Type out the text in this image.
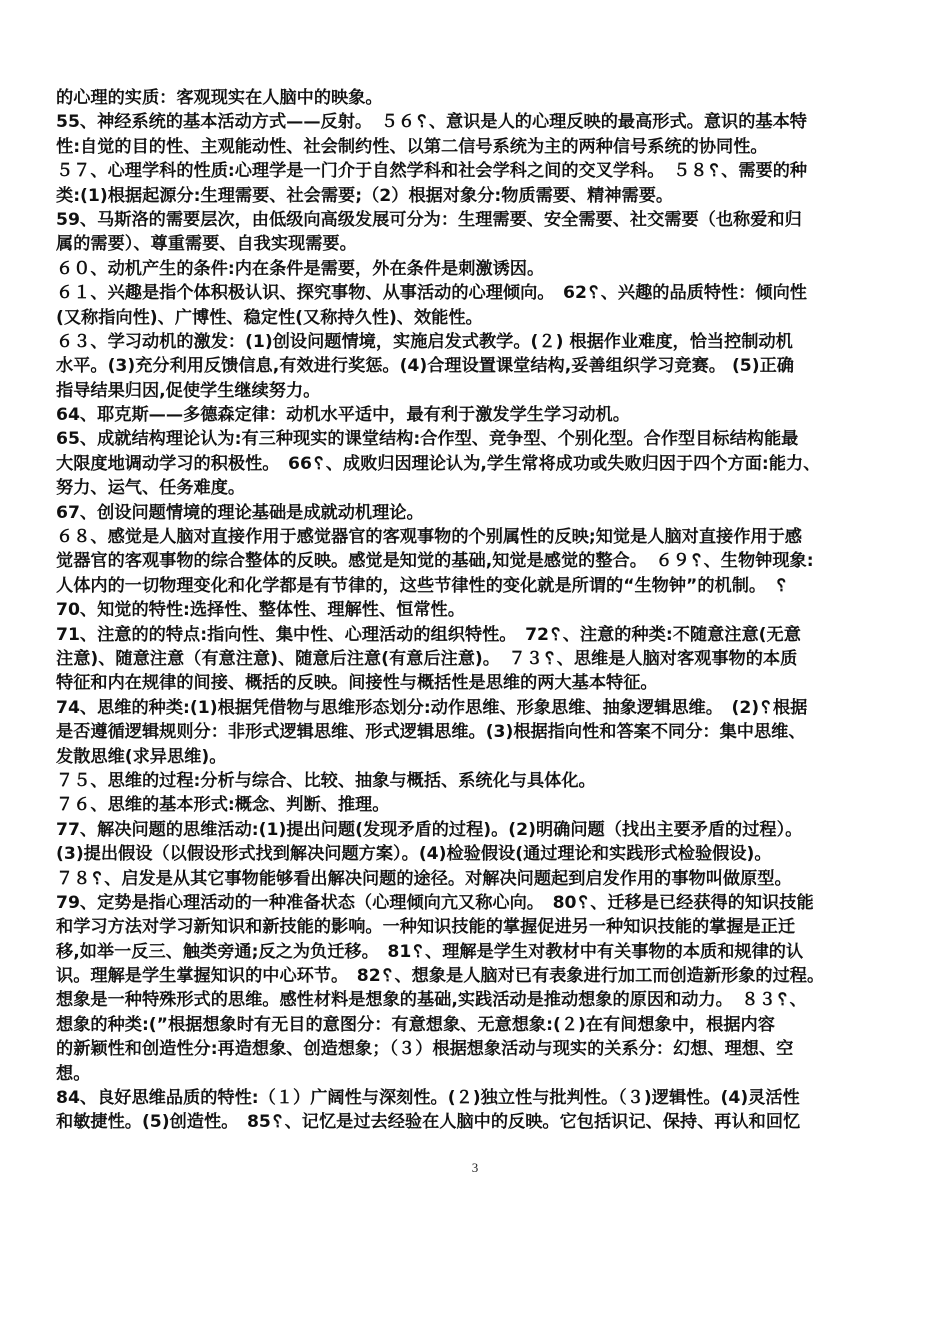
的心理的实质：客观现实在人脑中的映象。
55、神经系统的基本活动方式——反射。　５６␦、意识是人的心理反映的最高形式。意识的基本特
性:自觉的目的性、主观能动性、社会制约性、以第二信号系统为主的两种信号系统的协同性。
５７、心理学科的性质:心理学是一门介于自然学科和社会学科之间的交叉学科。　５８␦、需要的种
类:(1)根据起源分:生理需要、社会需要;（2）根据对象分:物质需要、精神需要。
59、马斯洛的需要层次，由低级向高级发展可分为：生理需要、安全需要、社交需要（也称爱和归
属的需要）、尊重需要、自我实现需要。
６０、动机产生的条件:内在条件是需要，外在条件是刺激诱因。
６１、兴趣是指个体积极认识、探究事物、从事活动的心理倾向。　62␦、兴趣的品质特性：倾向性
(又称指向性)、广博性、稳定性(又称持久性)、效能性。
６３、学习动机的激发：(1)创设问题情境，实施启发式教学。(２) 根据作业难度，恰当控制动机
水平。(3)充分利用反馈信息,有效进行奖惩。(4)合理设置课堂结构,妥善组织学习竞赛。 (5)正确
指导结果归因,促使学生继续努力。
64、耶克斯——多德森定律：动机水平适中，最有利于激发学生学习动机。
65、成就结构理论认为:有三种现实的课堂结构:合作型、竞争型、个别化型。合作型目标结构能最
大限度地调动学习的积极性。　66␦、成败归因理论认为,学生常将成功或失败归因于四个方面:能力、
努力、运气、任务难度。
67、创设问题情境的理论基础是成就动机理论。
６８、感觉是人脑对直接作用于感觉器官的客观事物的个别属性的反映;知觉是人脑对直接作用于感
觉器官的客观事物的综合整体的反映。感觉是知觉的基础,知觉是感觉的整合。　６９␦、生物钟现象:
人体内的一切物理变化和化学都是有节律的，这些节律性的变化就是所谓的“生物钟”的机制。　␦
70、知觉的特性:选择性、整体性、理解性、恒常性。
71、注意的的特点:指向性、集中性、心理活动的组织特性。　72␦、注意的种类:不随意注意(无意
注意)、随意注意（有意注意)、随意后注意(有意后注意)。　７３␦、思维是人脑对客观事物的本质
特征和内在规律的间接、概括的反映。间接性与概括性是思维的两大基本特征。
74、思维的种类:(1)根据凭借物与思维形态划分:动作思维、形象思维、抽象逻辑思维。　(2)␦根据
是否遵循逻辑规则分：非形式逻辑思维、形式逻辑思维。(3)根据指向性和答案不同分：集中思维、
发散思维(求异思维)。
７５、思维的过程:分析与综合、比较、抽象与概括、系统化与具体化。
７６、思维的基本形式:概念、判断、推理。
77、解决问题的思维活动:(1)提出问题(发现矛盾的过程)。(2)明确问题（找出主要矛盾的过程）。
(3)提出假设（以假设形式找到解决问题方案）。(4)检验假设(通过理论和实践形式检验假设)。
７８␦、启发是从其它事物能够看出解决问题的途径。对解决问题起到启发作用的事物叫做原型。
79、定势是指心理活动的一种准备状态（心理倾向亢又称心向。　80␦、迁移是已经获得的知识技能
和学习方法对学习新知识和新技能的影响。一种知识技能的掌握促进另一种知识技能的掌握是正迁
移,如举一反三、触类旁通;反之为负迁移。　81␦、理解是学生对教材中有关事物的本质和规律的认
识。理解是学生掌握知识的中心环节。　82␦、想象是人脑对已有表象进行加工而创造新形象的过程。
想象是一种特殊形式的思维。感性材料是想象的基础,实践活动是推动想象的原因和动力。　８３␦、
想象的种类:(”根据想象时有无目的意图分：有意想象、无意想象:(２)在有间想象中，根据内容
的新颖性和创造性分:再造想象、创造想象；（３）根据想象活动与现实的关系分：幻想、理想、空
想。
84、良好思维品质的特性:（１）广阔性与深刻性。(２)独立性与批判性。（３)逻辑性。(4)灵活性
和敏捷性。(5)创造性。　85␦、记忆是过去经验在人脑中的反映。它包括识记、保持、再认和回忆
3
